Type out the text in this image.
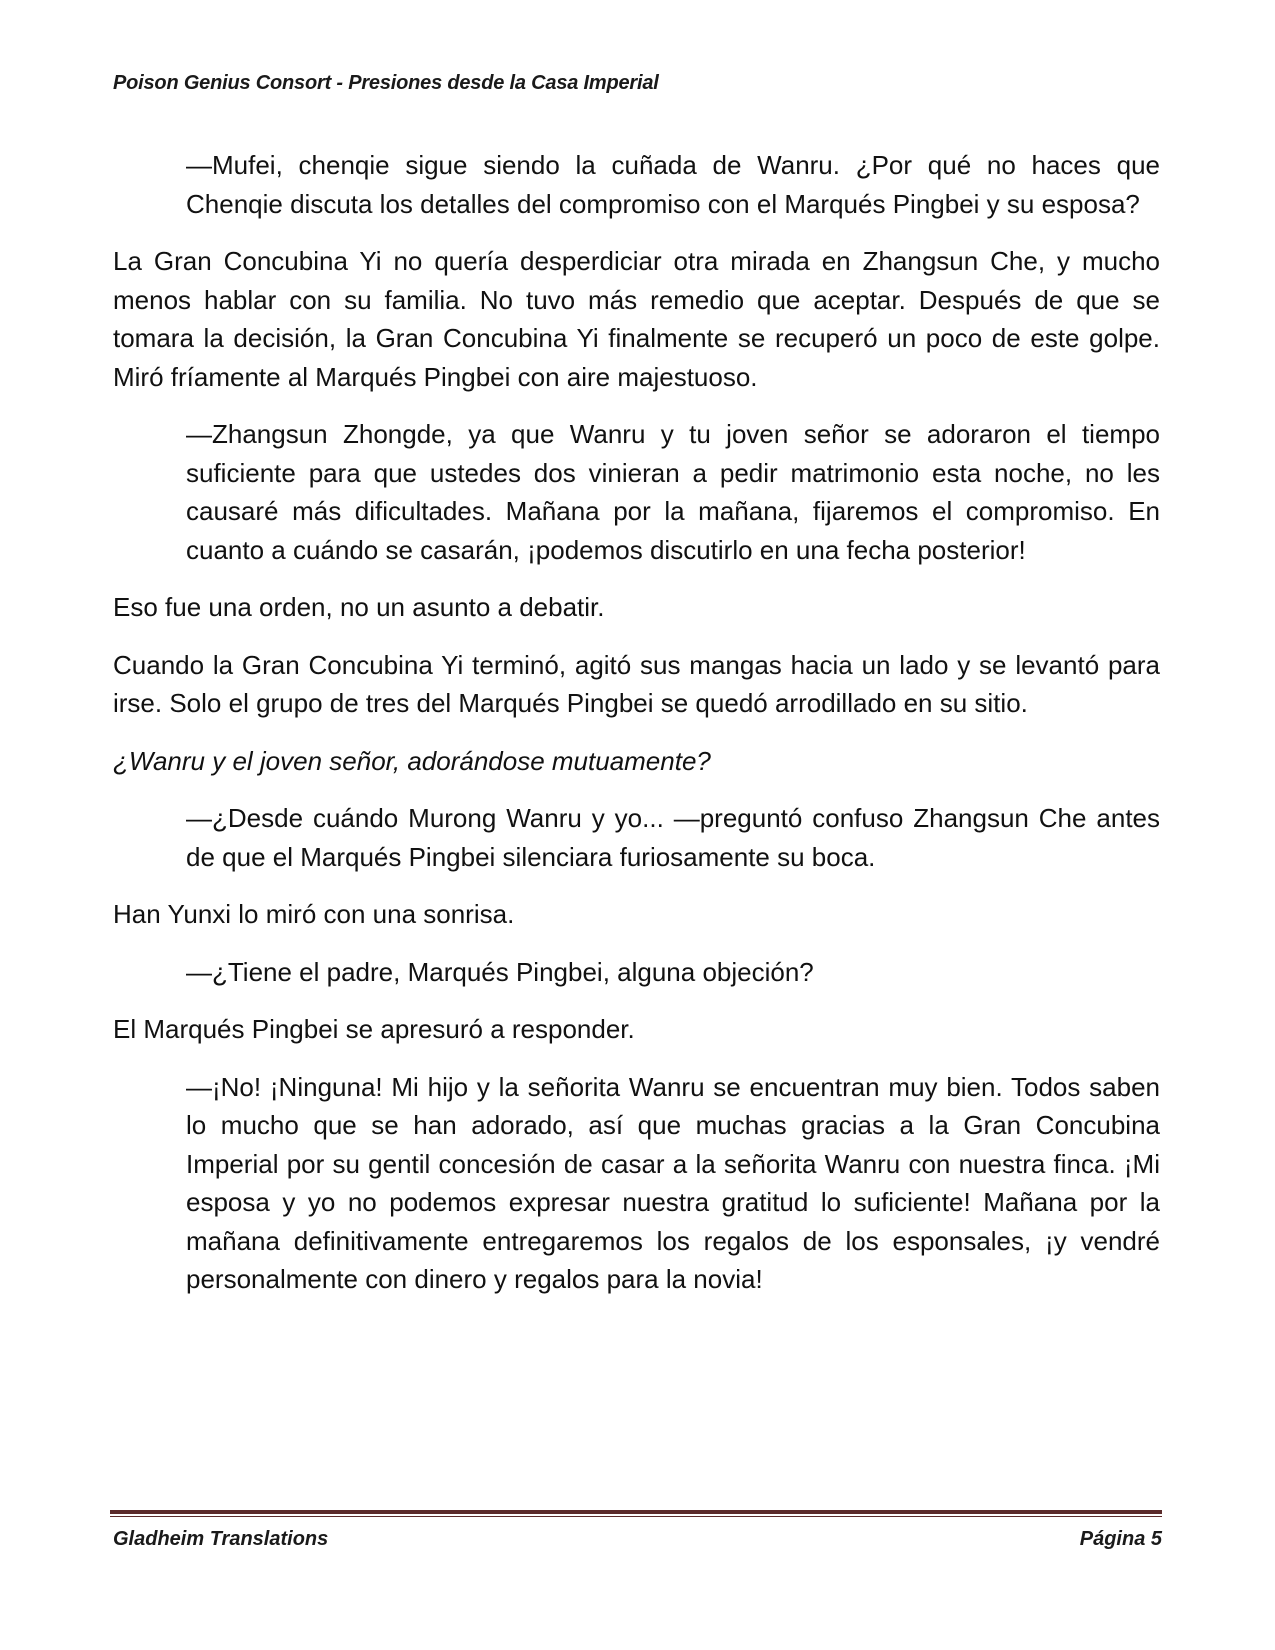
Poison Genius Consort - Presiones desde la Casa Imperial

—Mufei, chenqie sigue siendo la cuñada de Wanru. ¿Por qué no haces que Chenqie discuta los detalles del compromiso con el Marqués Pingbei y su esposa?

La Gran Concubina Yi no quería desperdiciar otra mirada en Zhangsun Che, y mucho menos hablar con su familia. No tuvo más remedio que aceptar. Después de que se tomara la decisión, la Gran Concubina Yi finalmente se recuperó un poco de este golpe. Miró fríamente al Marqués Pingbei con aire majestuoso.

—Zhangsun Zhongde, ya que Wanru y tu joven señor se adoraron el tiempo suficiente para que ustedes dos vinieran a pedir matrimonio esta noche, no les causaré más dificultades. Mañana por la mañana, fijaremos el compromiso. En cuanto a cuándo se casarán, ¡podemos discutirlo en una fecha posterior!

Eso fue una orden, no un asunto a debatir.

Cuando la Gran Concubina Yi terminó, agitó sus mangas hacia un lado y se levantó para irse. Solo el grupo de tres del Marqués Pingbei se quedó arrodillado en su sitio.

¿Wanru y el joven señor, adorándose mutuamente?

—¿Desde cuándo Murong Wanru y yo... —preguntó confuso Zhangsun Che antes de que el Marqués Pingbei silenciara furiosamente su boca.

Han Yunxi lo miró con una sonrisa.

—¿Tiene el padre, Marqués Pingbei, alguna objeción?

El Marqués Pingbei se apresuró a responder.

—¡No! ¡Ninguna! Mi hijo y la señorita Wanru se encuentran muy bien. Todos saben lo mucho que se han adorado, así que muchas gracias a la Gran Concubina Imperial por su gentil concesión de casar a la señorita Wanru con nuestra finca. ¡Mi esposa y yo no podemos expresar nuestra gratitud lo suficiente! Mañana por la mañana definitivamente entregaremos los regalos de los esponsales, ¡y vendré personalmente con dinero y regalos para la novia!

Gladheim Translations	Página 5
